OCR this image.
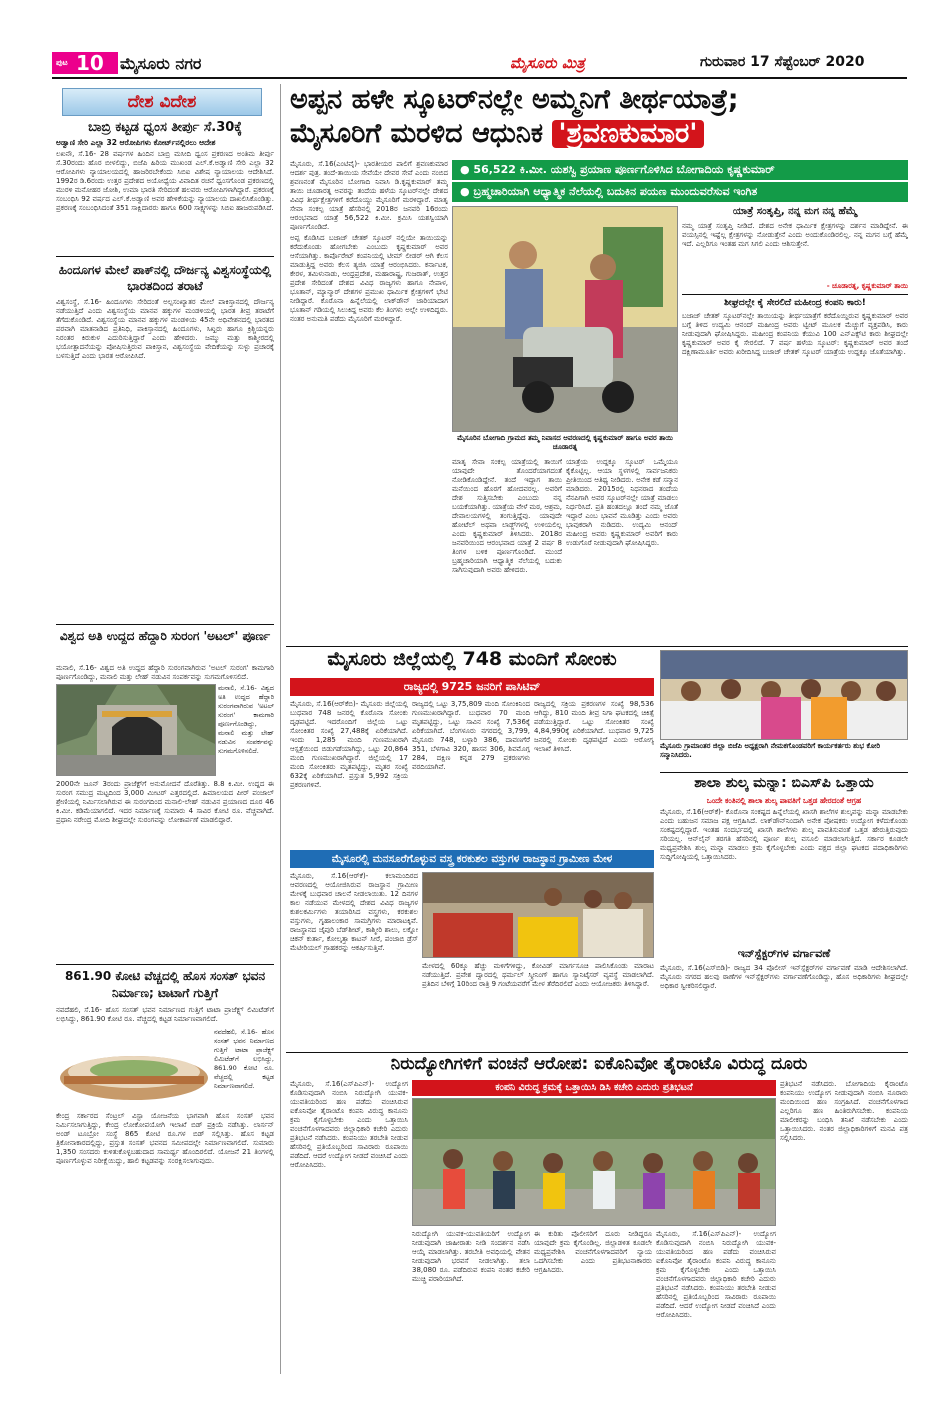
ಪುಟ 10 ಮೈಸೂರು ನಗರ	ಮೈಸೂರು ಮಿತ್ರ	ಗುರುವಾರ 17 ಸೆಪ್ಟೆಂಬರ್ 2020
ದೇಶ ವಿದೇಶ
ಬಾಬ್ರಿ ಕಟ್ಟಡ ಧ್ವಂಸ ತೀರ್ಪು ಸೆ.30ಕ್ಕೆ
ಅಡ್ವಾಣಿ ಸೇರಿ ಎಲ್ಲಾ 32 ಆರೋಪಿಗಳು ಕೋರ್ಟ್‌ನಲ್ಲಿರಲು ಆದೇಶ
ಲಖನೌ, ಸೆ.16- 28 ವರ್ಷಗಳ ಹಿಂದಿನ ಬಾಬ್ರಿ ಮಸೀದಿ ಧ್ವಂಸ ಪ್ರಕರಣದ ಅಂತಿಮ ತೀರ್ಪು ಸೆ.30ರಂದು ಹೊರ ಬೀಳಲಿದ್ದು, ಬಿಜೆಪಿ ಹಿರಿಯ ಮುಖಂಡ ಎಲ್.ಕೆ.ಅಡ್ವಾಣಿ ಸೇರಿ ಎಲ್ಲಾ 32 ಆರೋಪಿಗಳು ನ್ಯಾಯಾಲಯದಲ್ಲಿ ಹಾಜರಿರಬೇಕೆಂದು ಸಿಬಿಐ ವಿಶೇಷ ನ್ಯಾಯಾಲಯ ಆದೇಶಿಸಿದೆ. 1992ರ ಡಿ.6ರಂದು ಉತ್ತರ ಪ್ರದೇಶದ ಅಯೋಧ್ಯೆಯ ವಿವಾದಿತ ರಚನೆ ಧ್ವಂಸಗೊಂಡ ಪ್ರಕರಣದಲ್ಲಿ ಮುರಳಿ ಮನೋಹರ ಜೋಶಿ, ಉಮಾ ಭಾರತಿ ಸೇರಿದಂತೆ ಹಲವರು ಆರೋಪಿಗಳಾಗಿದ್ದಾರೆ. ಪ್ರಕರಣಕ್ಕೆ ಸಂಬಂಧಿಸಿ 92 ವರ್ಷದ ಎಲ್.ಕೆ.ಅಡ್ವಾಣಿ ಅವರ ಹೇಳಿಕೆಯನ್ನು ನ್ಯಾಯಾಲಯ ದಾಖಲಿಸಿಕೊಂಡಿತ್ತು. ಪ್ರಕರಣಕ್ಕೆ ಸಂಬಂಧಿಸಿದಂತೆ 351 ಸಾಕ್ಷಿದಾರರು ಹಾಗೂ 600 ಸಾಕ್ಷ್ಯಗಳನ್ನು ಸಿಬಿಐ ಹಾಜರುಪಡಿಸಿದೆ.
ಹಿಂದೂಗಳ ಮೇಲೆ ಪಾಕ್‌ನಲ್ಲಿ ದೌರ್ಜನ್ಯ ವಿಶ್ವಸಂಸ್ಥೆಯಲ್ಲಿ ಭಾರತದಿಂದ ತರಾಟೆ
ವಿಶ್ವಸಂಸ್ಥೆ, ಸೆ.16- ಹಿಂದೂಗಳು ಸೇರಿದಂತೆ ಅಲ್ಪಸಂಖ್ಯಾತರ ಮೇಲೆ ಪಾಕಿಸ್ತಾನದಲ್ಲಿ ದೌರ್ಜನ್ಯ ನಡೆಯುತ್ತಿದೆ ಎಂದು ವಿಶ್ವಸಂಸ್ಥೆಯ ಮಾನವ ಹಕ್ಕುಗಳ ಮಂಡಳಿಯಲ್ಲಿ ಭಾರತ ತೀವ್ರ ತರಾಟೆಗೆ ತೆಗೆದುಕೊಂಡಿದೆ. ವಿಶ್ವಸಂಸ್ಥೆಯ ಮಾನವ ಹಕ್ಕುಗಳ ಮಂಡಳಿಯ 45ನೇ ಅಧಿವೇಶನದಲ್ಲಿ ಭಾರತದ ಪರವಾಗಿ ಮಾತನಾಡಿದ ಪ್ರತಿನಿಧಿ, ಪಾಕಿಸ್ತಾನದಲ್ಲಿ ಹಿಂದೂಗಳು, ಸಿಖ್ಖರು ಹಾಗೂ ಕ್ರಿಶ್ಚಿಯನ್ನರು ನಿರಂತರ ಕಿರುಕುಳ ಎದುರಿಸುತ್ತಿದ್ದಾರೆ ಎಂದು ಹೇಳಿದರು. ಜಮ್ಮು ಮತ್ತು ಕಾಶ್ಮೀರದಲ್ಲಿ ಭಯೋತ್ಪಾದನೆಯನ್ನು ಪೋಷಿಸುತ್ತಿರುವ ಪಾಕಿಸ್ತಾನ, ವಿಶ್ವಸಂಸ್ಥೆಯ ವೇದಿಕೆಯನ್ನು ಸುಳ್ಳು ಪ್ರಚಾರಕ್ಕೆ ಬಳಸುತ್ತಿದೆ ಎಂದು ಭಾರತ ಆರೋಪಿಸಿದೆ.
ವಿಶ್ವದ ಅತಿ ಉದ್ದದ ಹೆದ್ದಾರಿ ಸುರಂಗ 'ಅಟಲ್' ಪೂರ್ಣ
ಮನಾಲಿ, ಸೆ.16- ವಿಶ್ವದ ಅತಿ ಉದ್ದದ ಹೆದ್ದಾರಿ ಸುರಂಗವಾಗಿರುವ 'ಅಟಲ್ ಸುರಂಗ' ಕಾಮಗಾರಿ ಪೂರ್ಣಗೊಂಡಿದ್ದು, ಮನಾಲಿ ಮತ್ತು ಲೇಹ್ ನಡುವಿನ ಸಂಪರ್ಕವನ್ನು ಸುಗಮಗೊಳಿಸಲಿದೆ.
ಮನಾಲಿ, ಸೆ.16- ವಿಶ್ವದ ಅತಿ ಉದ್ದದ ಹೆದ್ದಾರಿ ಸುರಂಗವಾಗಿರುವ 'ಅಟಲ್ ಸುರಂಗ' ಕಾಮಗಾರಿ ಪೂರ್ಣಗೊಂಡಿದ್ದು, ಮನಾಲಿ ಮತ್ತು ಲೇಹ್ ನಡುವಿನ ಸಂಪರ್ಕವನ್ನು ಸುಗಮಗೊಳಿಸಲಿದೆ.
2000ನೇ ಜೂನ್ 3ರಂದು ಪ್ರಾಜೆಕ್ಟ್‌ಗೆ ಅನುಮೋದನೆ ದೊರೆತಿತ್ತು. 8.8 ಕಿ.ಮೀ. ಉದ್ದದ ಈ ಸುರಂಗ ಸಮುದ್ರ ಮಟ್ಟದಿಂದ 3,000 ಮೀಟರ್ ಎತ್ತರದಲ್ಲಿದೆ. ಹಿಮಾಲಯದ ಪೀರ್ ಪಂಜಾಲ್ ಶ್ರೇಣಿಯಲ್ಲಿ ನಿರ್ಮಿಸಲಾಗಿರುವ ಈ ಸುರಂಗದಿಂದ ಮನಾಲಿ-ಲೇಹ್ ನಡುವಿನ ಪ್ರಯಾಣದ ದೂರ 46 ಕಿ.ಮೀ. ಕಡಿಮೆಯಾಗಲಿದೆ. ಇದರ ನಿರ್ಮಾಣಕ್ಕೆ ಸುಮಾರು 4 ಸಾವಿರ ಕೋಟಿ ರೂ. ವೆಚ್ಚವಾಗಿದೆ. ಪ್ರಧಾನಿ ನರೇಂದ್ರ ಮೋದಿ ಶೀಘ್ರದಲ್ಲೇ ಸುರಂಗವನ್ನು ಲೋಕಾರ್ಪಣೆ ಮಾಡಲಿದ್ದಾರೆ.
861.90 ಕೋಟಿ ವೆಚ್ಚದಲ್ಲಿ ಹೊಸ ಸಂಸತ್ ಭವನ ನಿರ್ಮಾಣ; ಟಾಟಾಗೆ ಗುತ್ತಿಗೆ
ನವದೆಹಲಿ, ಸೆ.16- ಹೊಸ ಸಂಸತ್ ಭವನ ನಿರ್ಮಾಣದ ಗುತ್ತಿಗೆ ಟಾಟಾ ಪ್ರಾಜೆಕ್ಟ್ಸ್ ಲಿಮಿಟೆಡ್‌ಗೆ ಲಭಿಸಿದ್ದು, 861.90 ಕೋಟಿ ರೂ. ವೆಚ್ಚದಲ್ಲಿ ಕಟ್ಟಡ ನಿರ್ಮಾಣವಾಗಲಿದೆ.
ನವದೆಹಲಿ, ಸೆ.16- ಹೊಸ ಸಂಸತ್ ಭವನ ನಿರ್ಮಾಣದ ಗುತ್ತಿಗೆ ಟಾಟಾ ಪ್ರಾಜೆಕ್ಟ್ಸ್ ಲಿಮಿಟೆಡ್‌ಗೆ ಲಭಿಸಿದ್ದು, 861.90 ಕೋಟಿ ರೂ. ವೆಚ್ಚದಲ್ಲಿ ಕಟ್ಟಡ ನಿರ್ಮಾಣವಾಗಲಿದೆ.
ಕೇಂದ್ರ ಸರ್ಕಾರದ ಸೆಂಟ್ರಲ್ ವಿಸ್ಟಾ ಯೋಜನೆಯ ಭಾಗವಾಗಿ ಹೊಸ ಸಂಸತ್ ಭವನ ನಿರ್ಮಿಸಲಾಗುತ್ತಿದ್ದು, ಕೇಂದ್ರ ಲೋಕೋಪಯೋಗಿ ಇಲಾಖೆ ಬಿಡ್ ಪ್ರಕ್ರಿಯೆ ನಡೆಸಿತ್ತು. ಲಾರ್ಸನ್ ಅಂಡ್ ಟೂಬ್ರೋ ಸಂಸ್ಥೆ 865 ಕೋಟಿ ರೂ.ಗಳ ಬಿಡ್ ಸಲ್ಲಿಸಿತ್ತು. ಹೊಸ ಕಟ್ಟಡ ತ್ರಿಕೋನಾಕಾರದಲ್ಲಿದ್ದು, ಪ್ರಸ್ತುತ ಸಂಸತ್ ಭವನದ ಸಮೀಪದಲ್ಲೇ ನಿರ್ಮಾಣವಾಗಲಿದೆ. ಸುಮಾರು 1,350 ಸಂಸದರು ಕುಳಿತುಕೊಳ್ಳಬಹುದಾದ ಸಾಮರ್ಥ್ಯ ಹೊಂದಿರಲಿದೆ. ಯೋಜನೆ 21 ತಿಂಗಳಲ್ಲಿ ಪೂರ್ಣಗೊಳ್ಳುವ ನಿರೀಕ್ಷೆಯಿದ್ದು, ಹಾಲಿ ಕಟ್ಟಡವನ್ನು ಸಂರಕ್ಷಿಸಲಾಗುವುದು.
ಅಪ್ಪನ ಹಳೇ ಸ್ಕೂಟರ್‌ನಲ್ಲೇ ಅಮ್ಮನಿಗೆ ತೀರ್ಥಯಾತ್ರೆ;
ಮೈಸೂರಿಗೆ ಮರಳಿದ ಆಧುನಿಕ 'ಶ್ರವಣಕುಮಾರ'

ಮೈಸೂರು, ಸೆ.16(ಎಂಟಿವೈ)- ಭಾರತೀಯರ ಪಾಲಿಗೆ ಶ್ರವಣಕುಮಾರ ಆದರ್ಶ ಪುತ್ರ. ತಂದೆ-ತಾಯಿಯ ಸೇವೆಯೇ ದೇವರ ಸೇವೆ ಎಂದು ನಂಬಿದ ಶ್ರವಣನಂತೆ ಮೈಸೂರಿನ ಬೋಗಾದಿ ನಿವಾಸಿ ಡಿ.ಕೃಷ್ಣಕುಮಾರ್ ತಮ್ಮ ತಾಯಿ ಚೂಡಾರತ್ನ ಅವರನ್ನು ತಂದೆಯ ಹಳೆಯ ಸ್ಕೂಟರ್‌ನಲ್ಲೇ ದೇಶದ ವಿವಿಧ ತೀರ್ಥಕ್ಷೇತ್ರಗಳಿಗೆ ಕರೆದೊಯ್ದು ಮೈಸೂರಿಗೆ ಮರಳಿದ್ದಾರೆ. ಮಾತೃ ಸೇವಾ ಸಂಕಲ್ಪ ಯಾತ್ರೆ ಹೆಸರಿನಲ್ಲಿ 2018ರ ಜನವರಿ 16ರಂದು ಆರಂಭವಾದ ಯಾತ್ರೆ 56,522 ಕಿ.ಮೀ. ಕ್ರಮಿಸಿ ಯಶಸ್ವಿಯಾಗಿ ಪೂರ್ಣಗೊಂಡಿದೆ.

ಅಪ್ಪ ಕೊಡಿಸಿದ ಬಜಾಜ್ ಚೇತಕ್ ಸ್ಕೂಟರ್ ನಲ್ಲಿಯೇ ತಾಯಿಯನ್ನು ಕರೆದುಕೊಂಡು ಹೋಗಬೇಕು ಎಂಬುದು ಕೃಷ್ಣಕುಮಾರ್ ಅವರ ಆಸೆಯಾಗಿತ್ತು. ಕಾರ್ಪೊರೇಟ್ ಕಂಪನಿಯಲ್ಲಿ ಟೀಮ್ ಲೀಡರ್ ಆಗಿ ಕೆಲಸ ಮಾಡುತ್ತಿದ್ದ ಅವರು ಕೆಲಸ ತ್ಯಜಿಸಿ ಯಾತ್ರೆ ಆರಂಭಿಸಿದರು. ಕರ್ನಾಟಕ, ಕೇರಳ, ತಮಿಳುನಾಡು, ಆಂಧ್ರಪ್ರದೇಶ, ಮಹಾರಾಷ್ಟ್ರ, ಗುಜರಾತ್, ಉತ್ತರ ಪ್ರದೇಶ ಸೇರಿದಂತೆ ದೇಶದ ವಿವಿಧ ರಾಜ್ಯಗಳು ಹಾಗೂ ನೇಪಾಳ, ಭೂತಾನ್, ಮ್ಯಾನ್ಮಾರ್ ದೇಶಗಳ ಪ್ರಮುಖ ಧಾರ್ಮಿಕ ಕ್ಷೇತ್ರಗಳಿಗೆ ಭೇಟಿ ನೀಡಿದ್ದಾರೆ. ಕೊರೊನಾ ಹಿನ್ನೆಲೆಯಲ್ಲಿ ಲಾಕ್‌ಡೌನ್ ಜಾರಿಯಾದಾಗ ಭೂತಾನ್ ಗಡಿಯಲ್ಲಿ ಸಿಲುಕಿದ್ದ ಅವರು ಕೆಲ ತಿಂಗಳು ಅಲ್ಲೇ ಉಳಿದಿದ್ದರು. ನಂತರ ಅನುಮತಿ ಪಡೆದು ಮೈಸೂರಿಗೆ ಮರಳಿದ್ದಾರೆ.

● 56,522 ಕಿ.ಮೀ. ಯಶಸ್ವಿ ಪ್ರಯಾಣ ಪೂರ್ಣಗೊಳಿಸಿದ ಬೋಗಾದಿಯ ಕೃಷ್ಣಕುಮಾರ್
● ಬ್ರಹ್ಮಚಾರಿಯಾಗಿ ಆಧ್ಯಾತ್ಮಿಕ ನೆಲೆಯಲ್ಲಿ ಬದುಕಿನ ಪಯಣ ಮುಂದುವರೆಸುವ ಇಂಗಿತ
ಮೈಸೂರಿನ ಬೋಗಾದಿ ಗ್ರಾಮದ ತಮ್ಮ ನಿವಾಸದ ಆವರಣದಲ್ಲಿ ಕೃಷ್ಣಕುಮಾರ್ ಹಾಗೂ ಅವರ ತಾಯಿ ಚೂಡಾರತ್ನ
ಯಾತ್ರೆ ಸಂತೃಪ್ತಿ, ನನ್ನ ಮಗ ನನ್ನ ಹೆಮ್ಮೆ
ನಮ್ಮ ಯಾತ್ರೆ ಸಂತೃಪ್ತಿ ನೀಡಿದೆ. ದೇಶದ ಅನೇಕ ಧಾರ್ಮಿಕ ಕ್ಷೇತ್ರಗಳನ್ನು ದರ್ಶನ ಮಾಡಿದ್ದೇನೆ. ಈ ವಯಸ್ಸಿನಲ್ಲಿ ಇಷ್ಟೆಲ್ಲ ಕ್ಷೇತ್ರಗಳನ್ನು ನೋಡುತ್ತೇನೆ ಎಂದು ಅಂದುಕೊಂಡಿರಲಿಲ್ಲ. ನನ್ನ ಮಗನ ಬಗ್ಗೆ ಹೆಮ್ಮೆ ಇದೆ. ಎಲ್ಲರಿಗೂ ಇಂತಹ ಮಗ ಸಿಗಲಿ ಎಂದು ಆಶಿಸುತ್ತೇನೆ.
- ಚೂಡಾರತ್ನ, ಕೃಷ್ಣಕುಮಾರ್ ತಾಯಿ
ಶೀಘ್ರದಲ್ಲೇ ಕೈ ಸೇರಲಿದೆ ಮಹೀಂದ್ರ ಕಂಪನಿ ಕಾರು!
ಬಜಾಜ್ ಚೇತಕ್ ಸ್ಕೂಟರ್‌ನಲ್ಲೇ ತಾಯಿಯನ್ನು ತೀರ್ಥಯಾತ್ರೆಗೆ ಕರೆದೊಯ್ದಿರುವ ಕೃಷ್ಣಕುಮಾರ್ ಅವರ ಬಗ್ಗೆ ತಿಳಿದ ಉದ್ಯಮಿ ಆನಂದ್ ಮಹೀಂದ್ರ ಅವರು ಟ್ವೀಟ್ ಮೂಲಕ ಮೆಚ್ಚುಗೆ ವ್ಯಕ್ತಪಡಿಸಿ, ಕಾರು ನೀಡುವುದಾಗಿ ಘೋಷಿಸಿದ್ದರು. ಮಹೀಂದ್ರ ಕಂಪನಿಯ ಕೆಯುವಿ 100 ಎನ್‌ಎಕ್ಸ್‌ಟಿ ಕಾರು ಶೀಘ್ರದಲ್ಲೇ ಕೃಷ್ಣಕುಮಾರ್ ಅವರ ಕೈ ಸೇರಲಿದೆ. 7 ವರ್ಷ ಹಳೆಯ ಸ್ಕೂಟರ್: ಕೃಷ್ಣಕುಮಾರ್ ಅವರ ತಂದೆ ದಕ್ಷಿಣಾಮೂರ್ತಿ ಅವರು ಖರೀದಿಸಿದ್ದ ಬಜಾಜ್ ಚೇತಕ್ ಸ್ಕೂಟರ್ ಯಾತ್ರೆಯ ಉದ್ದಕ್ಕೂ ಜೊತೆಯಾಗಿತ್ತು.
ಮಾತೃ ಸೇವಾ ಸಂಕಲ್ಪ ಯಾತ್ರೆಯಲ್ಲಿ ತಾಯಿಗೆ ಯಾವುದೇ ತೊಂದರೆಯಾಗದಂತೆ ನೋಡಿಕೊಂಡಿದ್ದೇನೆ. ತಂದೆ ಇದ್ದಾಗ ತಾಯಿ ಮನೆಯಿಂದ ಹೊರಗೆ ಹೋದವರಲ್ಲ. ಅವರಿಗೆ ದೇಶ ಸುತ್ತಿಸಬೇಕು ಎಂಬುದು ನನ್ನ ಬಯಕೆಯಾಗಿತ್ತು. ಯಾತ್ರೆಯ ವೇಳೆ ಮಠ, ಆಶ್ರಮ, ದೇವಾಲಯಗಳಲ್ಲಿ ತಂಗುತ್ತಿದ್ದೆವು. ಯಾವುದೇ ಹೋಟೆಲ್ ಅಥವಾ ಲಾಡ್ಜ್‌ಗಳಲ್ಲಿ ಉಳಿಯಲಿಲ್ಲ ಎಂದು ಕೃಷ್ಣಕುಮಾರ್ ತಿಳಿಸಿದರು. 2018ರ ಜನವರಿಯಿಂದ ಆರಂಭವಾದ ಯಾತ್ರೆ 2 ವರ್ಷ 8 ತಿಂಗಳ ಬಳಿಕ ಪೂರ್ಣಗೊಂಡಿದೆ. ಮುಂದೆ ಬ್ರಹ್ಮಚಾರಿಯಾಗಿ ಆಧ್ಯಾತ್ಮಿಕ ನೆಲೆಯಲ್ಲಿ ಬದುಕು ಸಾಗಿಸುವುದಾಗಿ ಅವರು ಹೇಳಿದರು.
ಯಾತ್ರೆಯ ಉದ್ದಕ್ಕೂ ಸ್ಕೂಟರ್ ಒಮ್ಮೆಯೂ ಕೈಕೊಟ್ಟಿಲ್ಲ. ಆಯಾ ಸ್ಥಳಗಳಲ್ಲಿ ಸಾರ್ವಜನಿಕರು ಪ್ರೀತಿಯಿಂದ ಆತಿಥ್ಯ ನೀಡಿದರು. ಅನೇಕ ಕಡೆ ಸನ್ಮಾನ ಮಾಡಿದರು. 2015ರಲ್ಲಿ ನಿಧನರಾದ ತಂದೆಯ ನೆನಪಿಗಾಗಿ ಅವರ ಸ್ಕೂಟರ್‌ನಲ್ಲೇ ಯಾತ್ರೆ ಮಾಡಲು ನಿರ್ಧರಿಸಿದೆ. ಪ್ರತಿ ಹಂತದಲ್ಲೂ ತಂದೆ ನಮ್ಮ ಜೊತೆ ಇದ್ದಾರೆ ಎಂಬ ಭಾವನೆ ಮೂಡಿತ್ತು ಎಂದು ಅವರು ಭಾವುಕರಾಗಿ ನುಡಿದರು. ಉದ್ಯಮಿ ಆನಂದ್ ಮಹೀಂದ್ರ ಅವರು ಕೃಷ್ಣಕುಮಾರ್ ಅವರಿಗೆ ಕಾರು ಉಡುಗೊರೆ ನೀಡುವುದಾಗಿ ಘೋಷಿಸಿದ್ದರು.
ಮೈಸೂರು ಜಿಲ್ಲೆಯಲ್ಲಿ 748 ಮಂದಿಗೆ ಸೋಂಕು
ರಾಜ್ಯದಲ್ಲಿ 9725 ಜನರಿಗೆ ಪಾಸಿಟಿವ್
ಮೈಸೂರು, ಸೆ.16(ಆರ್‌ಕೆಬಿ)- ಮೈಸೂರು ಜಿಲ್ಲೆಯಲ್ಲಿ ಬುಧವಾರ 748 ಜನರಲ್ಲಿ ಕೊರೊನಾ ಸೋಂಕು ದೃಢಪಟ್ಟಿದೆ. ಇದರೊಂದಿಗೆ ಜಿಲ್ಲೆಯ ಒಟ್ಟು ಸೋಂಕಿತರ ಸಂಖ್ಯೆ 27,488ಕ್ಕೆ ಏರಿಕೆಯಾಗಿದೆ. ಇಂದು 1,285 ಮಂದಿ ಗುಣಮುಖರಾಗಿ ಆಸ್ಪತ್ರೆಯಿಂದ ಬಿಡುಗಡೆಯಾಗಿದ್ದು, ಒಟ್ಟು 20,864 ಮಂದಿ ಗುಣಮುಖರಾಗಿದ್ದಾರೆ. ಜಿಲ್ಲೆಯಲ್ಲಿ 17 ಮಂದಿ ಸೋಂಕಿತರು ಮೃತಪಟ್ಟಿದ್ದು, ಮೃತರ ಸಂಖ್ಯೆ 632ಕ್ಕೆ ಏರಿಕೆಯಾಗಿದೆ. ಪ್ರಸ್ತುತ 5,992 ಸಕ್ರಿಯ ಪ್ರಕರಣಗಳಿವೆ.
ರಾಜ್ಯದಲ್ಲಿ ಒಟ್ಟು 3,75,809 ಮಂದಿ ಸೋಂಕಿನಿಂದ ಗುಣಮುಖರಾಗಿದ್ದಾರೆ. ಬುಧವಾರ 70 ಮಂದಿ ಮೃತಪಟ್ಟಿದ್ದು, ಒಟ್ಟು ಸಾವಿನ ಸಂಖ್ಯೆ 7,536ಕ್ಕೆ ಏರಿಕೆಯಾಗಿದೆ. ಬೆಂಗಳೂರು ನಗರದಲ್ಲಿ 3,799, ಮೈಸೂರು 748, ಬಳ್ಳಾರಿ 386, ದಾವಣಗೆರೆ 351, ಬೆಳಗಾವಿ 320, ಹಾಸನ 306, ಶಿವಮೊಗ್ಗ 284, ದಕ್ಷಿಣ ಕನ್ನಡ 279 ಪ್ರಕರಣಗಳು ವರದಿಯಾಗಿವೆ.
ರಾಜ್ಯದಲ್ಲಿ ಸಕ್ರಿಯ ಪ್ರಕರಣಗಳ ಸಂಖ್ಯೆ 98,536 ಆಗಿದ್ದು, 810 ಮಂದಿ ತೀವ್ರ ನಿಗಾ ಘಟಕದಲ್ಲಿ ಚಿಕಿತ್ಸೆ ಪಡೆಯುತ್ತಿದ್ದಾರೆ. ಒಟ್ಟು ಸೋಂಕಿತರ ಸಂಖ್ಯೆ 4,84,990ಕ್ಕೆ ಏರಿಕೆಯಾಗಿದೆ. ಬುಧವಾರ 9,725 ಜನರಲ್ಲಿ ಸೋಂಕು ದೃಢಪಟ್ಟಿದೆ ಎಂದು ಆರೋಗ್ಯ ಇಲಾಖೆ ತಿಳಿಸಿದೆ.
ಮೈಸೂರಲ್ಲಿ ಮನಸೂರೆಗೊಳ್ಳುವ ವಸ್ತ್ರ ಕರಕುಶಲ ವಸ್ತುಗಳ ರಾಜಸ್ಥಾನ ಗ್ರಾಮೀಣ ಮೇಳ
ಮೈಸೂರು, ಸೆ.16(ಆರ್‌ಕೆ)- ಕಲಾಮಂದಿರದ ಆವರಣದಲ್ಲಿ ಆಯೋಜಿಸಿರುವ ರಾಜಸ್ಥಾನ ಗ್ರಾಮೀಣ ಮೇಳಕ್ಕೆ ಬುಧವಾರ ಚಾಲನೆ ನೀಡಲಾಯಿತು. 12 ದಿನಗಳ ಕಾಲ ನಡೆಯುವ ಮೇಳದಲ್ಲಿ ದೇಶದ ವಿವಿಧ ರಾಜ್ಯಗಳ ಕುಶಲಕರ್ಮಿಗಳು ತಯಾರಿಸಿದ ವಸ್ತ್ರಗಳು, ಕರಕುಶಲ ವಸ್ತುಗಳು, ಗೃಹಾಲಂಕಾರ ಸಾಮಗ್ರಿಗಳು ಮಾರಾಟಕ್ಕಿವೆ. ರಾಜಸ್ಥಾನದ ಜೈಪುರಿ ಬೆಡ್‌ಶೀಟ್, ಕಾಶ್ಮೀರಿ ಶಾಲು, ಲಕ್ನೋ ಚಿಕನ್ ಕುರ್ತಾ, ಕೋಲ್ಕತ್ತಾ ಕಾಟನ್ ಸೀರೆ, ಪಂಜಾಬಿ ಡ್ರೆಸ್ ಮೆಟೀರಿಯಲ್ ಗ್ರಾಹಕರನ್ನು ಆಕರ್ಷಿಸುತ್ತಿವೆ.
ಮೇಳದಲ್ಲಿ 60ಕ್ಕೂ ಹೆಚ್ಚು ಮಳಿಗೆಗಳಿದ್ದು, ಕೋವಿಡ್ ಮಾರ್ಗಸೂಚಿ ಪಾಲಿಸಿಕೊಂಡು ಮಾರಾಟ ನಡೆಯುತ್ತಿದೆ. ಪ್ರವೇಶ ದ್ವಾರದಲ್ಲಿ ಥರ್ಮಲ್ ಸ್ಕ್ರೀನಿಂಗ್ ಹಾಗೂ ಸ್ಯಾನಿಟೈಸರ್ ವ್ಯವಸ್ಥೆ ಮಾಡಲಾಗಿದೆ. ಪ್ರತಿದಿನ ಬೆಳಿಗ್ಗೆ 10ರಿಂದ ರಾತ್ರಿ 9 ಗಂಟೆಯವರೆಗೆ ಮೇಳ ತೆರೆದಿರಲಿದೆ ಎಂದು ಆಯೋಜಕರು ತಿಳಿಸಿದ್ದಾರೆ.
ಮೈಸೂರು ಗ್ರಾಮಾಂತರ ಜಿಲ್ಲಾ ಬಿಜೆಪಿ ಅಧ್ಯಕ್ಷರಾಗಿ ನೇಮಕಗೊಂಡವರಿಗೆ ಕಾರ್ಯಕರ್ತರು ಶುಭ ಕೋರಿ ಸನ್ಮಾನಿಸಿದರು.
ಶಾಲಾ ಶುಲ್ಕ ಮನ್ನಾ: ಬಿಎಸ್‌ಪಿ ಒತ್ತಾಯ
ಒಂದೇ ಕಂತಿನಲ್ಲಿ ಶಾಲಾ ಶುಲ್ಕ ಪಾವತಿಗೆ ಒತ್ತಡ ಹೇರದಂತೆ ಆಗ್ರಹ
ಮೈಸೂರು, ಸೆ.16(ಆರ್‌ಕೆ)- ಕೊರೊನಾ ಸಂಕಷ್ಟದ ಹಿನ್ನೆಲೆಯಲ್ಲಿ ಖಾಸಗಿ ಶಾಲೆಗಳ ಶುಲ್ಕವನ್ನು ಮನ್ನಾ ಮಾಡಬೇಕು ಎಂದು ಬಹುಜನ ಸಮಾಜ ಪಕ್ಷ ಆಗ್ರಹಿಸಿದೆ. ಲಾಕ್‌ಡೌನ್‌ನಿಂದಾಗಿ ಅನೇಕ ಪೋಷಕರು ಉದ್ಯೋಗ ಕಳೆದುಕೊಂಡು ಸಂಕಷ್ಟದಲ್ಲಿದ್ದಾರೆ. ಇಂತಹ ಸಂದರ್ಭದಲ್ಲಿ ಖಾಸಗಿ ಶಾಲೆಗಳು ಶುಲ್ಕ ಪಾವತಿಸುವಂತೆ ಒತ್ತಡ ಹೇರುತ್ತಿರುವುದು ಸರಿಯಲ್ಲ. ಆನ್‌ಲೈನ್ ತರಗತಿ ಹೆಸರಿನಲ್ಲಿ ಪೂರ್ಣ ಶುಲ್ಕ ವಸೂಲಿ ಮಾಡಲಾಗುತ್ತಿದೆ. ಸರ್ಕಾರ ಕೂಡಲೇ ಮಧ್ಯಪ್ರವೇಶಿಸಿ ಶುಲ್ಕ ಮನ್ನಾ ಮಾಡಲು ಕ್ರಮ ಕೈಗೊಳ್ಳಬೇಕು ಎಂದು ಪಕ್ಷದ ಜಿಲ್ಲಾ ಘಟಕದ ಪದಾಧಿಕಾರಿಗಳು ಸುದ್ದಿಗೋಷ್ಠಿಯಲ್ಲಿ ಒತ್ತಾಯಿಸಿದರು.
ಇನ್‌ಸ್ಪೆಕ್ಟರ್‌ಗಳ ವರ್ಗಾವಣೆ
ಮೈಸೂರು, ಸೆ.16(ಎಸ್‌ಬಿಡಿ)- ರಾಜ್ಯದ 34 ಪೊಲೀಸ್ ಇನ್‌ಸ್ಪೆಕ್ಟರ್‌ಗಳ ವರ್ಗಾವಣೆ ಮಾಡಿ ಆದೇಶಿಸಲಾಗಿದೆ. ಮೈಸೂರು ನಗರದ ಹಲವು ಠಾಣೆಗಳ ಇನ್‌ಸ್ಪೆಕ್ಟರ್‌ಗಳು ವರ್ಗಾವಣೆಗೊಂಡಿದ್ದು, ಹೊಸ ಅಧಿಕಾರಿಗಳು ಶೀಘ್ರದಲ್ಲೇ ಅಧಿಕಾರ ಸ್ವೀಕರಿಸಲಿದ್ದಾರೆ.
ನಿರುದ್ಯೋಗಿಗಳಿಗೆ ವಂಚನೆ ಆರೋಪ: ಐಕೊನಿವೋ ತೈರಾಂಟೊ ವಿರುದ್ಧ ದೂರು
ಮೈಸೂರು, ಸೆ.16(ಎಸ್‌ಪಿಎನ್)- ಉದ್ಯೋಗ ಕೊಡಿಸುವುದಾಗಿ ನಂಬಿಸಿ ನಿರುದ್ಯೋಗಿ ಯುವಕ-ಯುವತಿಯರಿಂದ ಹಣ ಪಡೆದು ವಂಚಿಸಿರುವ ಐಕೊನಿವೋ ತೈರಾಂಟೊ ಕಂಪನಿ ವಿರುದ್ಧ ಕಾನೂನು ಕ್ರಮ ಕೈಗೊಳ್ಳಬೇಕು ಎಂದು ಒತ್ತಾಯಿಸಿ ವಂಚನೆಗೊಳಗಾದವರು ಜಿಲ್ಲಾಧಿಕಾರಿ ಕಚೇರಿ ಎದುರು ಪ್ರತಿಭಟನೆ ನಡೆಸಿದರು. ಕಂಪನಿಯು ತರಬೇತಿ ನೀಡುವ ಹೆಸರಿನಲ್ಲಿ ಪ್ರತಿಯೊಬ್ಬರಿಂದ ಸಾವಿರಾರು ರೂಪಾಯಿ ಪಡೆದಿದೆ. ಆದರೆ ಉದ್ಯೋಗ ನೀಡದೆ ವಂಚಿಸಿದೆ ಎಂದು ಆರೋಪಿಸಿದರು.
ಕಂಪನಿ ವಿರುದ್ಧ ಕ್ರಮಕ್ಕೆ ಒತ್ತಾಯಿಸಿ ಡಿಸಿ ಕಚೇರಿ ಎದುರು ಪ್ರತಿಭಟನೆ
ನಿರುದ್ಯೋಗಿ ಯುವಕ-ಯುವತಿಯರಿಗೆ ಉದ್ಯೋಗ ನೀಡುವುದಾಗಿ ಜಾಹೀರಾತು ನೀಡಿ ಸಂದರ್ಶನ ನಡೆಸಿ ಆಯ್ಕೆ ಮಾಡಲಾಗಿತ್ತು. ತರಬೇತಿ ಅವಧಿಯಲ್ಲಿ ವೇತನ ನೀಡುವುದಾಗಿ ಭರವಸೆ ನೀಡಲಾಗಿತ್ತು. ತಲಾ 38,080 ರೂ. ಪಡೆದಿರುವ ಕಂಪನಿ ನಂತರ ಕಚೇರಿ ಮುಚ್ಚಿ ಪರಾರಿಯಾಗಿದೆ.
ಈ ಕುರಿತು ಪೊಲೀಸರಿಗೆ ದೂರು ನೀಡಿದ್ದರೂ ಯಾವುದೇ ಕ್ರಮ ಕೈಗೊಂಡಿಲ್ಲ. ಜಿಲ್ಲಾಡಳಿತ ಕೂಡಲೇ ಮಧ್ಯಪ್ರವೇಶಿಸಿ ವಂಚನೆಗೊಳಗಾದವರಿಗೆ ನ್ಯಾಯ ಒದಗಿಸಬೇಕು ಎಂದು ಪ್ರತಿಭಟನಾಕಾರರು ಆಗ್ರಹಿಸಿದರು.
ಮೈಸೂರು, ಸೆ.16(ಎಸ್‌ಪಿಎನ್)- ಉದ್ಯೋಗ ಕೊಡಿಸುವುದಾಗಿ ನಂಬಿಸಿ ನಿರುದ್ಯೋಗಿ ಯುವಕ-ಯುವತಿಯರಿಂದ ಹಣ ಪಡೆದು ವಂಚಿಸಿರುವ ಐಕೊನಿವೋ ತೈರಾಂಟೊ ಕಂಪನಿ ವಿರುದ್ಧ ಕಾನೂನು ಕ್ರಮ ಕೈಗೊಳ್ಳಬೇಕು ಎಂದು ಒತ್ತಾಯಿಸಿ ವಂಚನೆಗೊಳಗಾದವರು ಜಿಲ್ಲಾಧಿಕಾರಿ ಕಚೇರಿ ಎದುರು ಪ್ರತಿಭಟನೆ ನಡೆಸಿದರು. ಕಂಪನಿಯು ತರಬೇತಿ ನೀಡುವ ಹೆಸರಿನಲ್ಲಿ ಪ್ರತಿಯೊಬ್ಬರಿಂದ ಸಾವಿರಾರು ರೂಪಾಯಿ ಪಡೆದಿದೆ. ಆದರೆ ಉದ್ಯೋಗ ನೀಡದೆ ವಂಚಿಸಿದೆ ಎಂದು ಆರೋಪಿಸಿದರು.
ಪ್ರತಿಭಟನೆ ನಡೆಸಿದರು. ಬೋಗಾದಿಯ ಕೈರಾಂಟೊ ಕಂಪನಿಯು ಉದ್ಯೋಗ ನೀಡುವುದಾಗಿ ನಂಬಿಸಿ ನೂರಾರು ಮಂದಿಯಿಂದ ಹಣ ಸಂಗ್ರಹಿಸಿದೆ. ವಂಚನೆಗೊಳಗಾದ ಎಲ್ಲರಿಗೂ ಹಣ ಹಿಂತಿರುಗಿಸಬೇಕು. ಕಂಪನಿಯ ಮಾಲೀಕರನ್ನು ಬಂಧಿಸಿ ತನಿಖೆ ನಡೆಸಬೇಕು ಎಂದು ಒತ್ತಾಯಿಸಿದರು. ನಂತರ ಜಿಲ್ಲಾಧಿಕಾರಿಗಳಿಗೆ ಮನವಿ ಪತ್ರ ಸಲ್ಲಿಸಿದರು.
